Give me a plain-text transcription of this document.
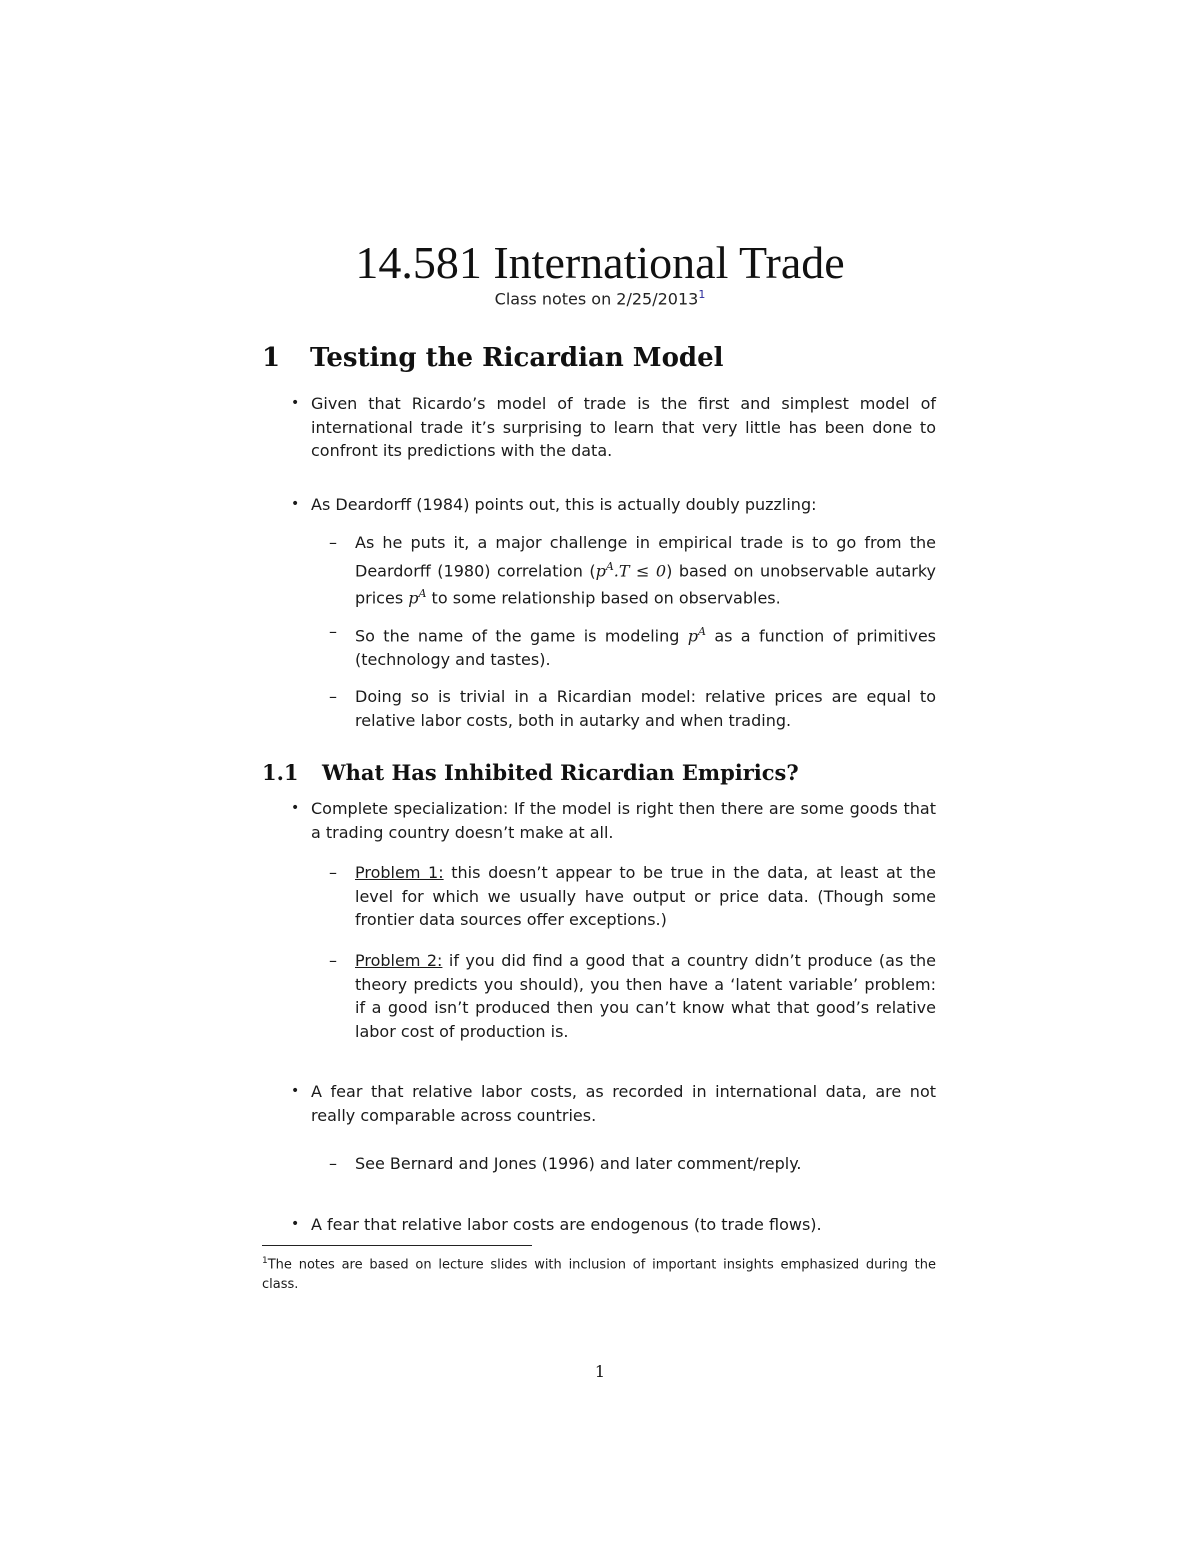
14.581 International Trade
Class notes on 2/25/2013$^1$
1 Testing the Ricardian Model
• Given that Ricardo’s model of trade is the first and simplest model of international trade it’s surprising to learn that very little has been done to confront its predictions with the data.
• As Deardorff (1984) points out, this is actually doubly puzzling:
– As he puts it, a major challenge in empirical trade is to go from the Deardorff (1980) correlation $(p^A.T \le 0)$ based on unobservable autarky prices $p^A$ to some relationship based on observables.
– So the name of the game is modeling $p^A$ as a function of primitives (technology and tastes).
– Doing so is trivial in a Ricardian model: relative prices are equal to relative labor costs, both in autarky and when trading.
1.1 What Has Inhibited Ricardian Empirics?
• Complete specialization: If the model is right then there are some goods that a trading country doesn’t make at all.
– Problem 1: this doesn’t appear to be true in the data, at least at the level for which we usually have output or price data. (Though some frontier data sources offer exceptions.)
– Problem 2: if you did find a good that a country didn’t produce (as the theory predicts you should), you then have a ‘latent variable’ problem: if a good isn’t produced then you can’t know what that good’s relative labor cost of production is.
• A fear that relative labor costs, as recorded in international data, are not really comparable across countries.
– See Bernard and Jones (1996) and later comment/reply.
• A fear that relative labor costs are endogenous (to trade flows).
$^1$The notes are based on lecture slides with inclusion of important insights emphasized during the class.
1
